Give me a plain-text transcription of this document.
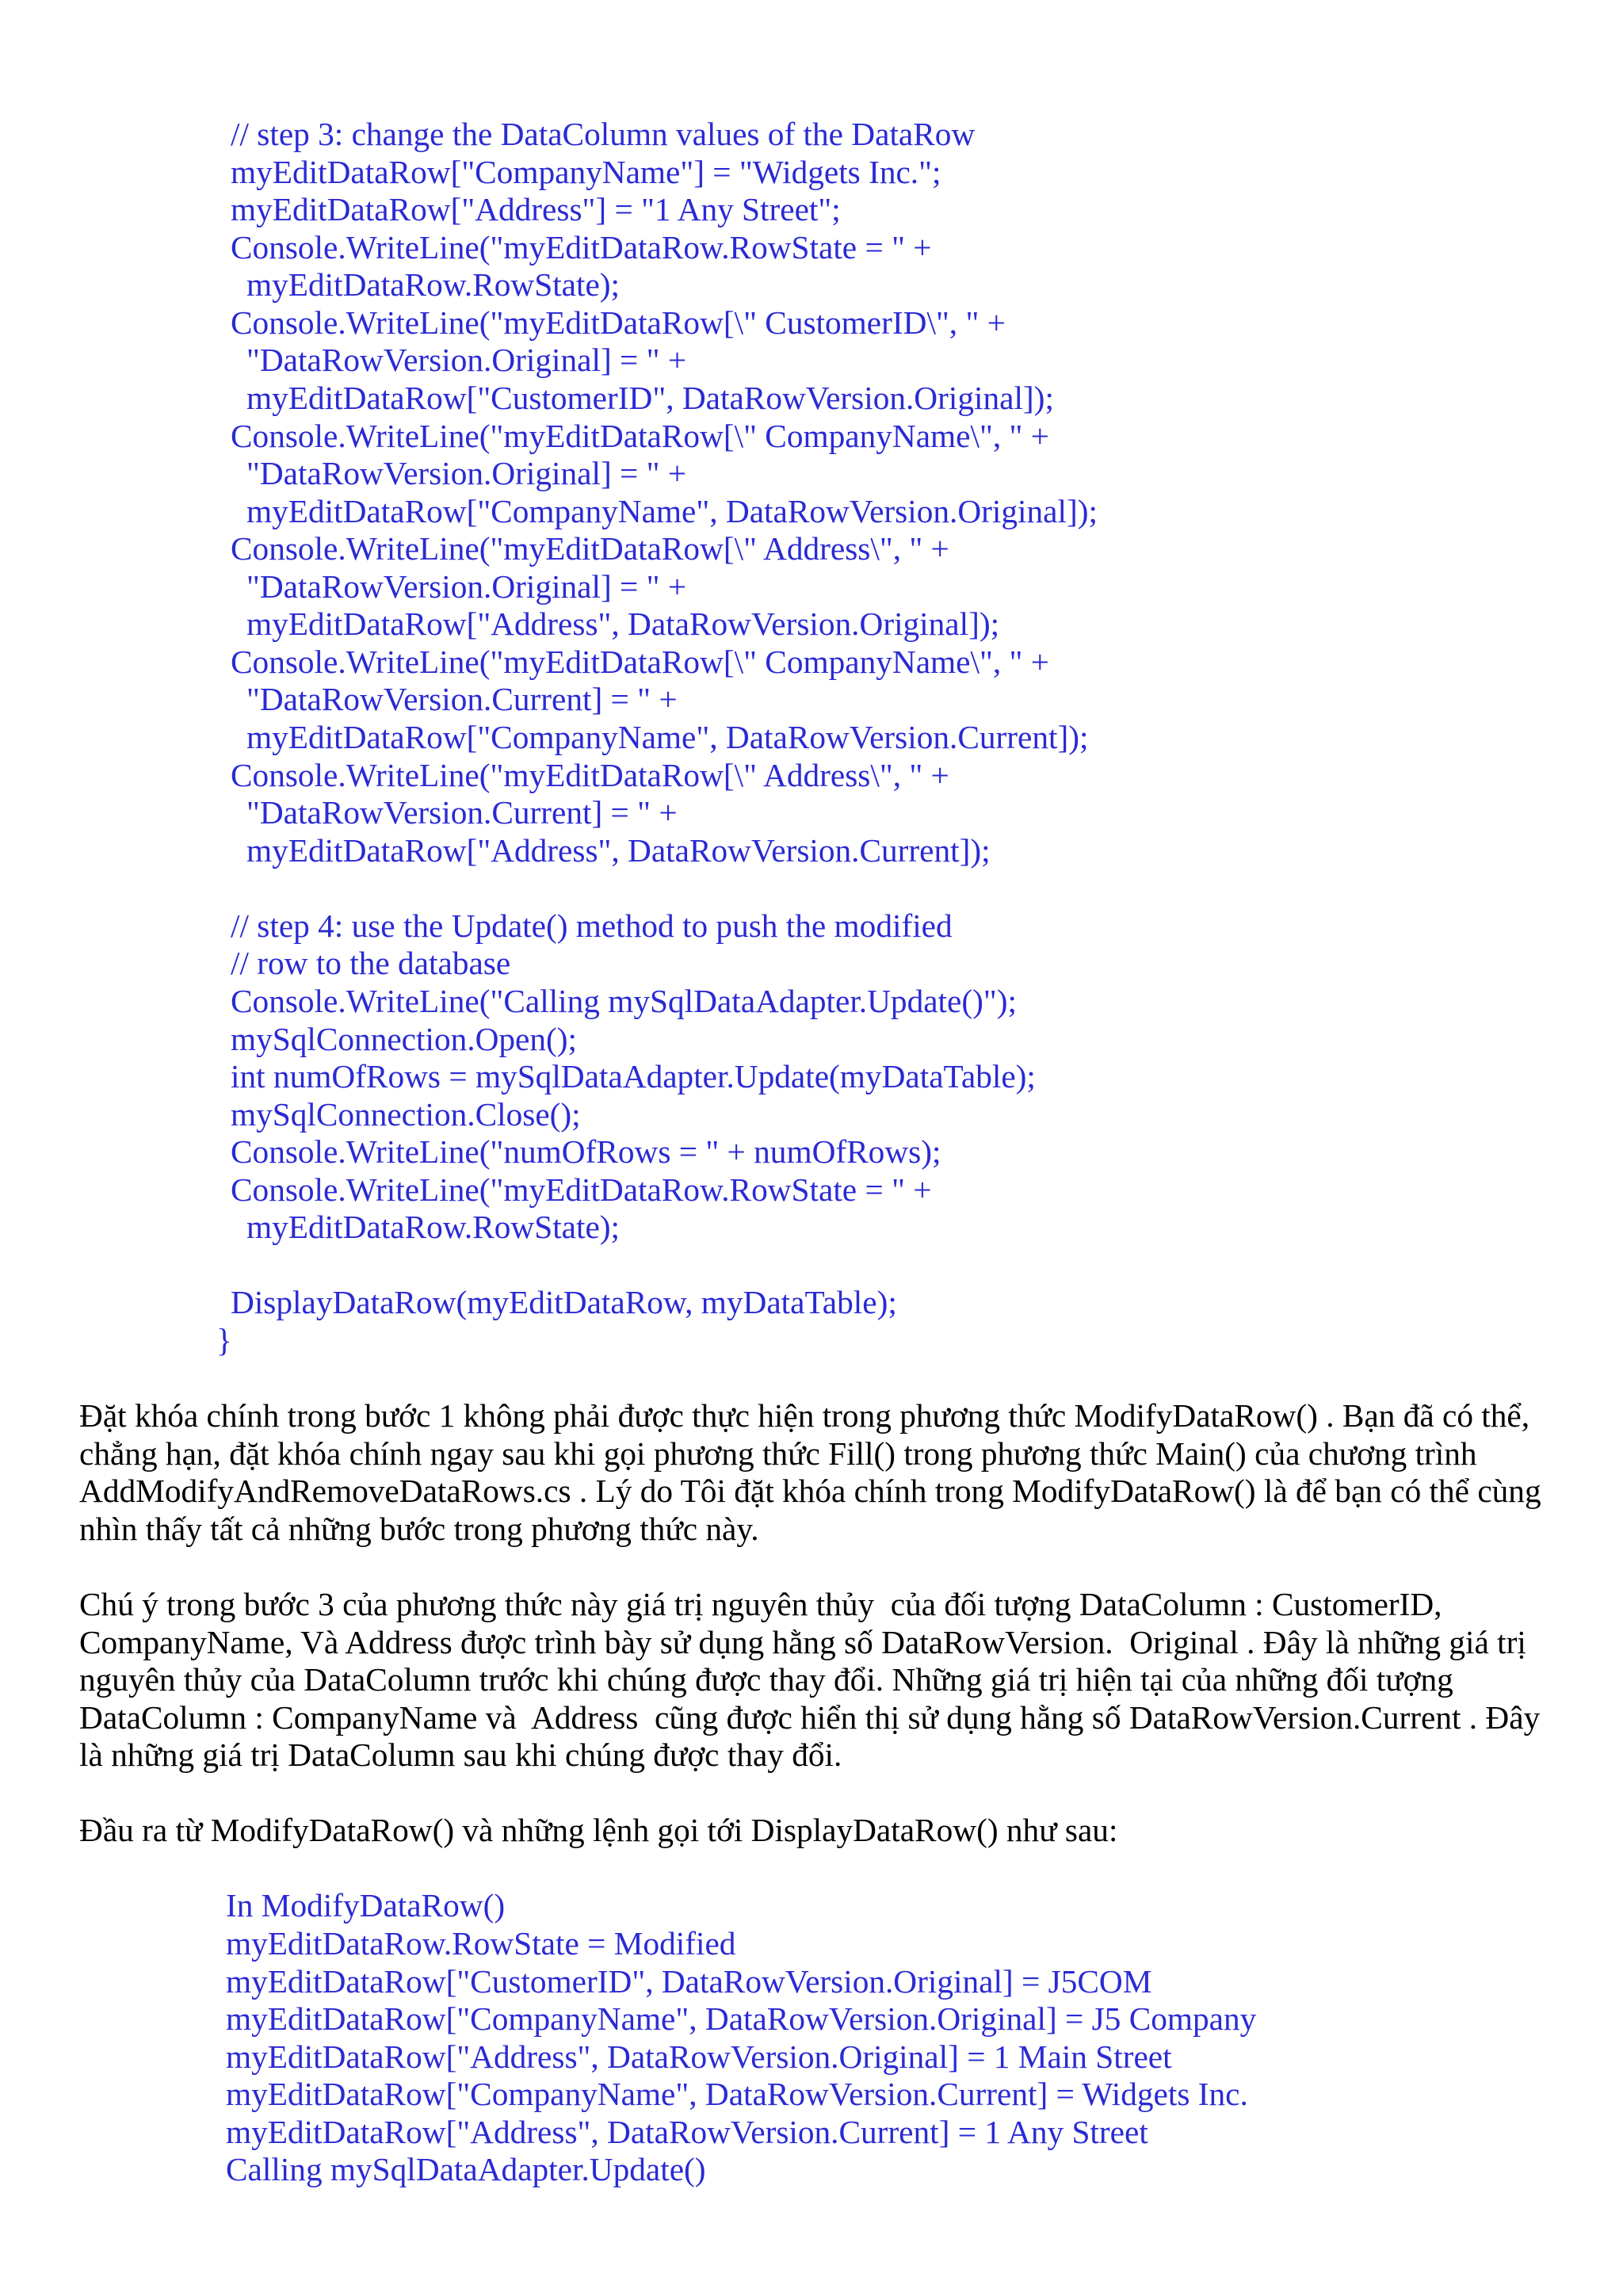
// step 3: change the DataColumn values of the DataRow
myEditDataRow["CompanyName"] = "Widgets Inc.";
myEditDataRow["Address"] = "1 Any Street";
Console.WriteLine("myEditDataRow.RowState = " +
myEditDataRow.RowState);
Console.WriteLine("myEditDataRow[\" CustomerID\", " +
"DataRowVersion.Original] = " +
myEditDataRow["CustomerID", DataRowVersion.Original]);
Console.WriteLine("myEditDataRow[\" CompanyName\", " +
"DataRowVersion.Original] = " +
myEditDataRow["CompanyName", DataRowVersion.Original]);
Console.WriteLine("myEditDataRow[\" Address\", " +
"DataRowVersion.Original] = " +
myEditDataRow["Address", DataRowVersion.Original]);
Console.WriteLine("myEditDataRow[\" CompanyName\", " +
"DataRowVersion.Current] = " +
myEditDataRow["CompanyName", DataRowVersion.Current]);
Console.WriteLine("myEditDataRow[\" Address\", " +
"DataRowVersion.Current] = " +
myEditDataRow["Address", DataRowVersion.Current]);
// step 4: use the Update() method to push the modified
// row to the database
Console.WriteLine("Calling mySqlDataAdapter.Update()");
mySqlConnection.Open();
int numOfRows = mySqlDataAdapter.Update(myDataTable);
mySqlConnection.Close();
Console.WriteLine("numOfRows = " + numOfRows);
Console.WriteLine("myEditDataRow.RowState = " +
myEditDataRow.RowState);
DisplayDataRow(myEditDataRow, myDataTable);
}
Đặt khóa chính trong bước 1 không phải được thực hiện trong phương thức ModifyDataRow() . Bạn đã có thể,
chẳng hạn, đặt khóa chính ngay sau khi gọi phương thức Fill() trong phương thức Main() của chương trình
AddModifyAndRemoveDataRows.cs . Lý do Tôi đặt khóa chính trong ModifyDataRow() là để bạn có thể cùng
nhìn thấy tất cả những bước trong phương thức này.
Chú ý trong bước 3 của phương thức này giá trị nguyên thủy  của đối tượng DataColumn : CustomerID,
CompanyName, Và Address được trình bày sử dụng hằng số DataRowVersion.  Original . Đây là những giá trị
nguyên thủy của DataColumn trước khi chúng được thay đổi. Những giá trị hiện tại của những đối tượng
DataColumn : CompanyName và  Address  cũng được hiển thị sử dụng hằng số DataRowVersion.Current . Đây
là những giá trị DataColumn sau khi chúng được thay đổi.
Đầu ra từ ModifyDataRow() và những lệnh gọi tới DisplayDataRow() như sau:
In ModifyDataRow()
myEditDataRow.RowState = Modified
myEditDataRow["CustomerID", DataRowVersion.Original] = J5COM
myEditDataRow["CompanyName", DataRowVersion.Original] = J5 Company
myEditDataRow["Address", DataRowVersion.Original] = 1 Main Street
myEditDataRow["CompanyName", DataRowVersion.Current] = Widgets Inc.
myEditDataRow["Address", DataRowVersion.Current] = 1 Any Street
Calling mySqlDataAdapter.Update()
